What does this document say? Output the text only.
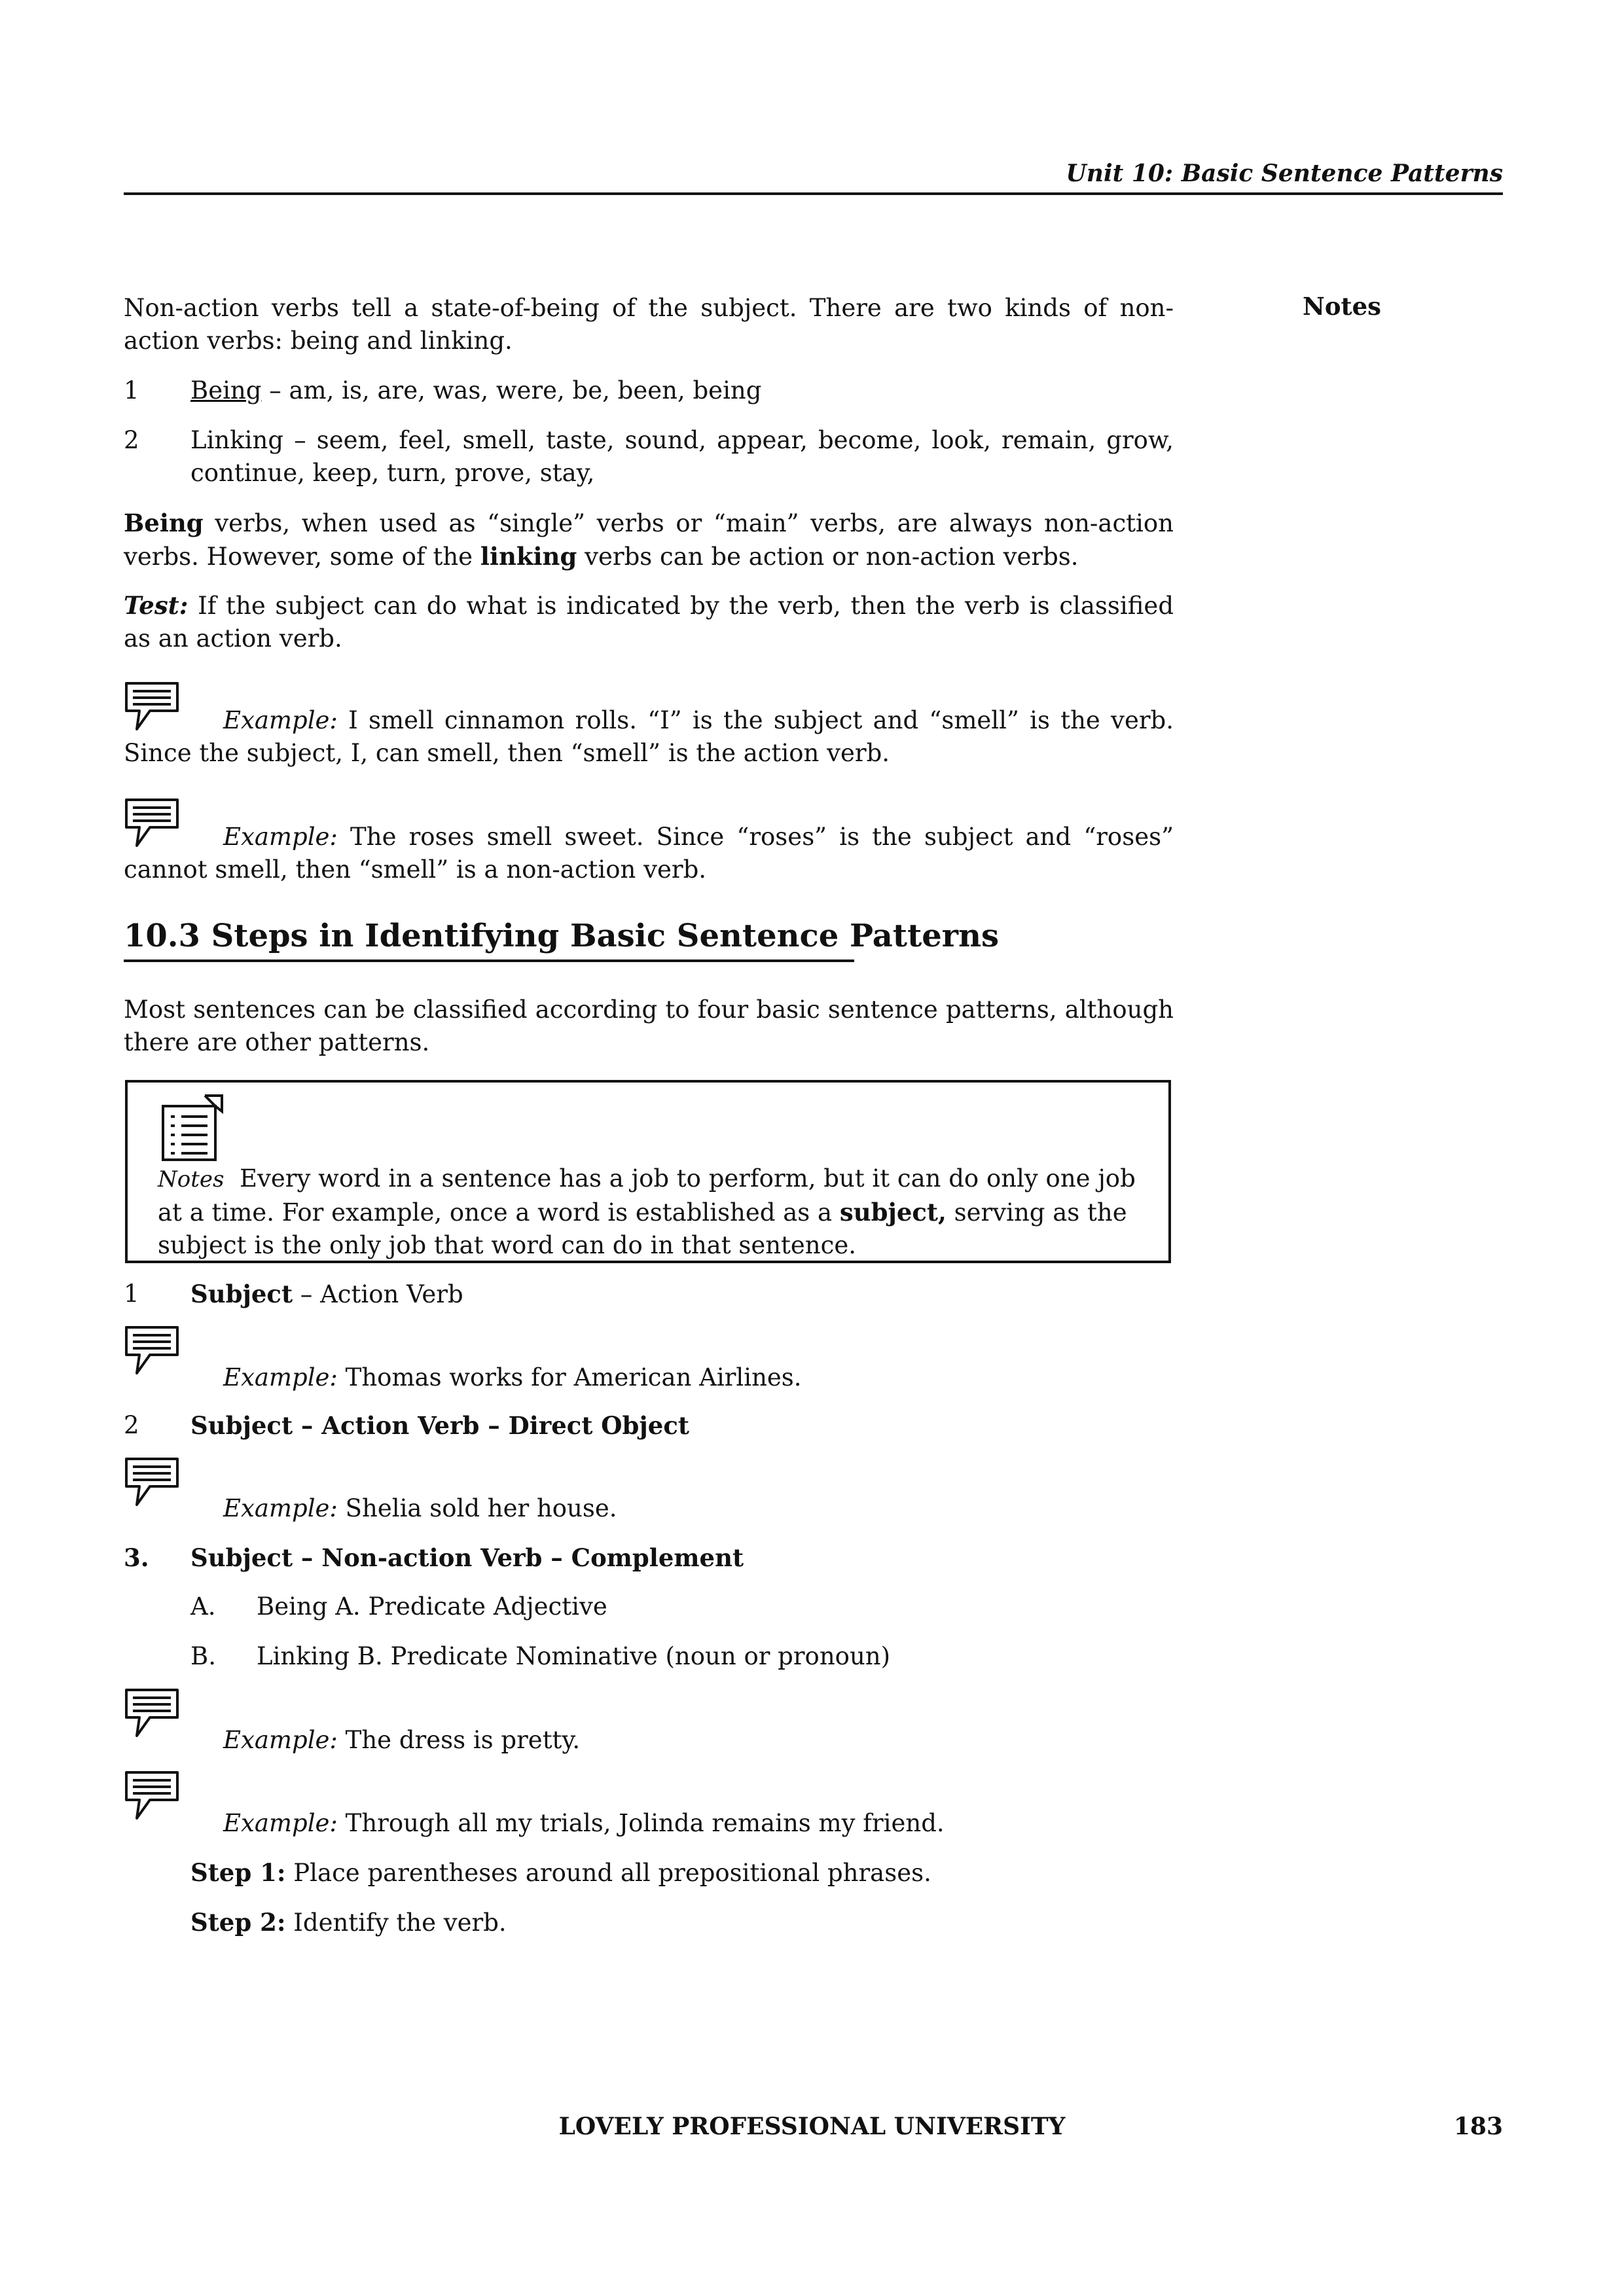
Unit 10: Basic Sentence Patterns
Notes
Non-action verbs tell a state-of-being of the subject. There are two kinds of non-action verbs: being and linking.
1	Being – am, is, are, was, were, be, been, being
2	Linking – seem, feel, smell, taste, sound, appear, become, look, remain, grow, continue, keep, turn, prove, stay,
Being verbs, when used as “single” verbs or “main” verbs, are always non-action verbs. However, some of the linking verbs can be action or non-action verbs.
Test: If the subject can do what is indicated by the verb, then the verb is classified as an action verb.
Example: I smell cinnamon rolls. “I” is the subject and “smell” is the verb. Since the subject, I, can smell, then “smell” is the action verb.
Example: The roses smell sweet. Since “roses” is the subject and “roses” cannot smell, then “smell” is a non-action verb.
10.3 Steps in Identifying Basic Sentence Patterns
Most sentences can be classified according to four basic sentence patterns, although there are other patterns.
Notes Every word in a sentence has a job to perform, but it can do only one job at a time. For example, once a word is established as a subject, serving as the subject is the only job that word can do in that sentence.
1	Subject – Action Verb
Example: Thomas works for American Airlines.
2	Subject – Action Verb – Direct Object
Example: Shelia sold her house.
3.	Subject – Non-action Verb – Complement
A.	Being A. Predicate Adjective
B.	Linking B. Predicate Nominative (noun or pronoun)
Example: The dress is pretty.
Example: Through all my trials, Jolinda remains my friend.
Step 1: Place parentheses around all prepositional phrases.
Step 2: Identify the verb.
LOVELY PROFESSIONAL UNIVERSITY	183
